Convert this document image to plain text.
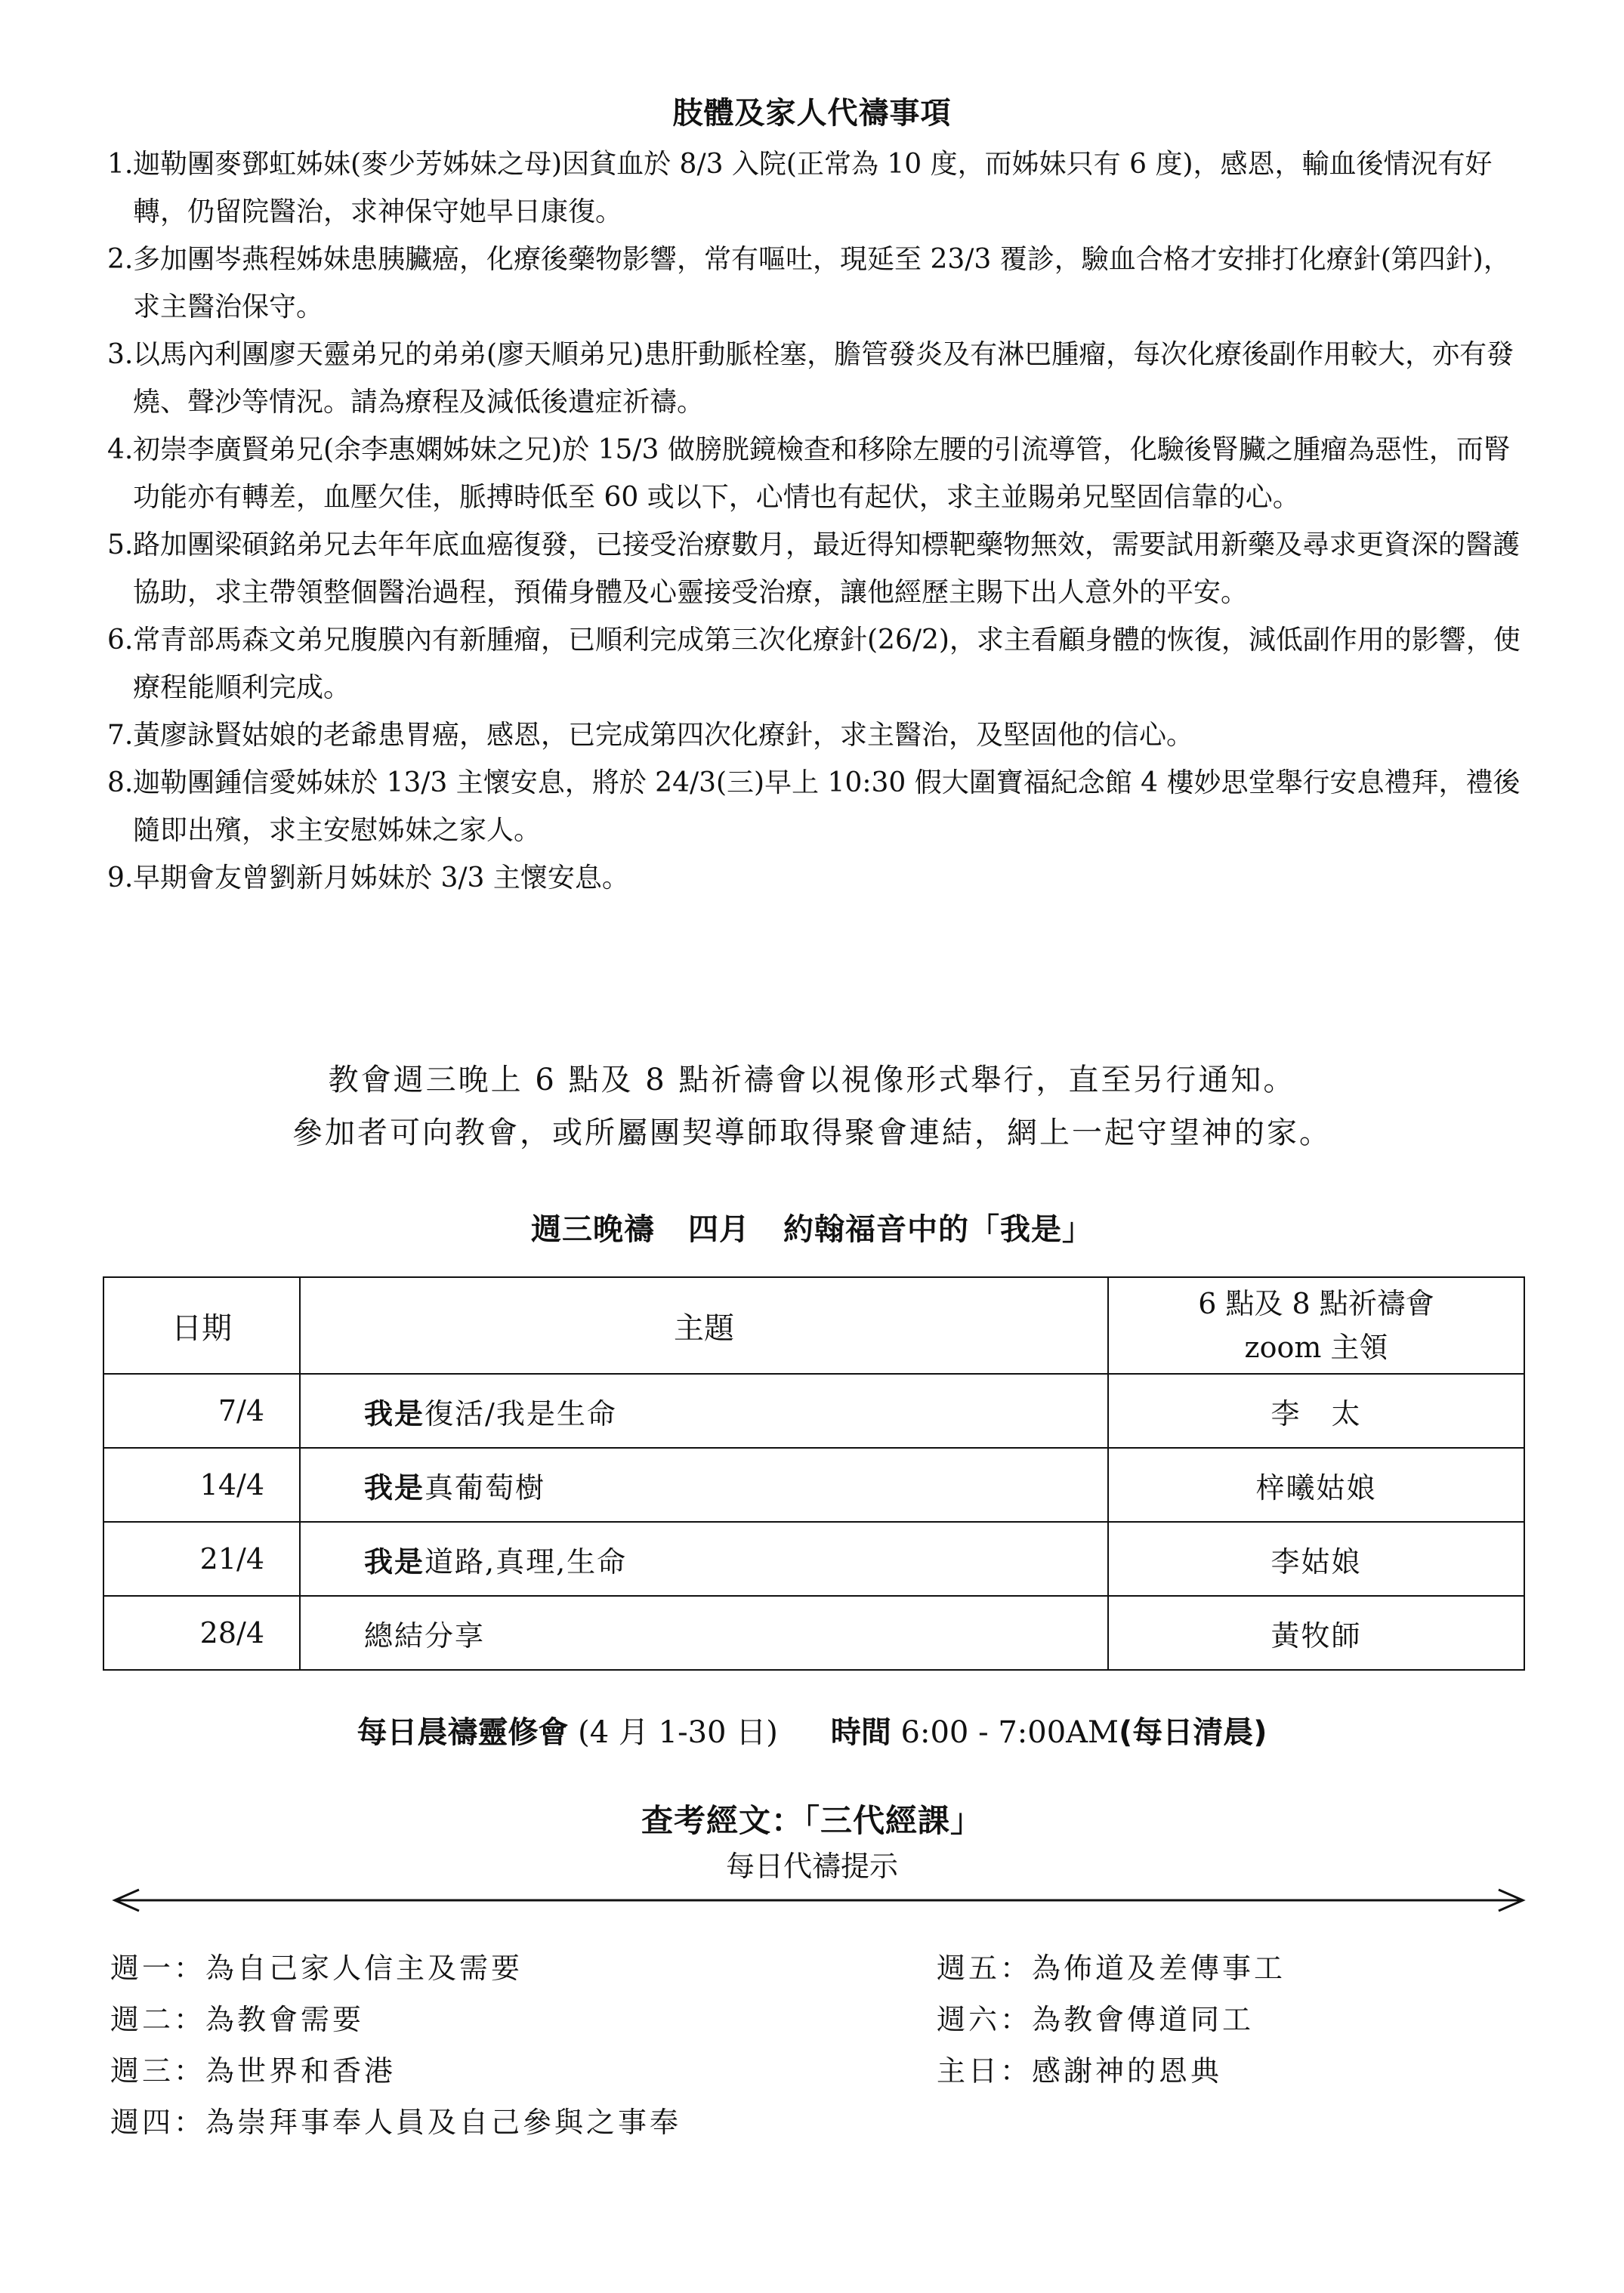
肢體及家人代禱事項
1. 迦勒團麥鄧虹姊妹(麥少芳姊妹之母)因貧血於 8/3 入院(正常為 10 度，而姊妹只有 6 度)，感恩，輸血後情況有好轉，仍留院醫治，求神保守她早日康復。
2. 多加團岑燕程姊妹患胰臟癌，化療後藥物影響，常有嘔吐，現延至 23/3 覆診，驗血合格才安排打化療針(第四針)，求主醫治保守。
3. 以馬內利團廖天靈弟兄的弟弟(廖天順弟兄)患肝動脈栓塞，膽管發炎及有淋巴腫瘤，每次化療後副作用較大，亦有發燒、聲沙等情況。請為療程及減低後遺症祈禱。
4. 初崇李廣賢弟兄(余李惠嫻姊妹之兄)於 15/3 做膀胱鏡檢查和移除左腰的引流導管，化驗後腎臟之腫瘤為惡性，而腎功能亦有轉差，血壓欠佳，脈搏時低至 60 或以下，心情也有起伏，求主並賜弟兄堅固信靠的心。
5. 路加團梁碩銘弟兄去年年底血癌復發，已接受治療數月，最近得知標靶藥物無效，需要試用新藥及尋求更資深的醫護協助，求主帶領整個醫治過程，預備身體及心靈接受治療，讓他經歷主賜下出人意外的平安。
6. 常青部馬森文弟兄腹膜內有新腫瘤，已順利完成第三次化療針(26/2)，求主看顧身體的恢復，減低副作用的影響，使療程能順利完成。
7. 黃廖詠賢姑娘的老爺患胃癌，感恩，已完成第四次化療針，求主醫治，及堅固他的信心。
8. 迦勒團鍾信愛姊妹於 13/3 主懷安息，將於 24/3(三)早上 10:30 假大圍寶福紀念館 4 樓妙思堂舉行安息禮拜，禮後隨即出殯，求主安慰姊妹之家人。
9. 早期會友曾劉新月姊妹於 3/3 主懷安息。
教會週三晚上 6 點及 8 點祈禱會以視像形式舉行，直至另行通知。
參加者可向教會，或所屬團契導師取得聚會連結，網上一起守望神的家。
週三晚禱 四月 約翰福音中的「我是」
日期	主題	6 點及 8 點祈禱會
zoom 主領
7/4	我是復活/我是生命	李　太
14/4	我是真葡萄樹	梓曦姑娘
21/4	我是道路,真理,生命	李姑娘
28/4	總結分享	黃牧師
每日晨禱靈修會 (4 月 1-30 日) 時間 6:00 - 7:00AM(每日清晨)
查考經文：「三代經課」
每日代禱提示
週一：為自己家人信主及需要
週二：為教會需要
週三：為世界和香港
週四：為崇拜事奉人員及自己參與之事奉
週五：為佈道及差傳事工
週六：為教會傳道同工
主日：感謝神的恩典
